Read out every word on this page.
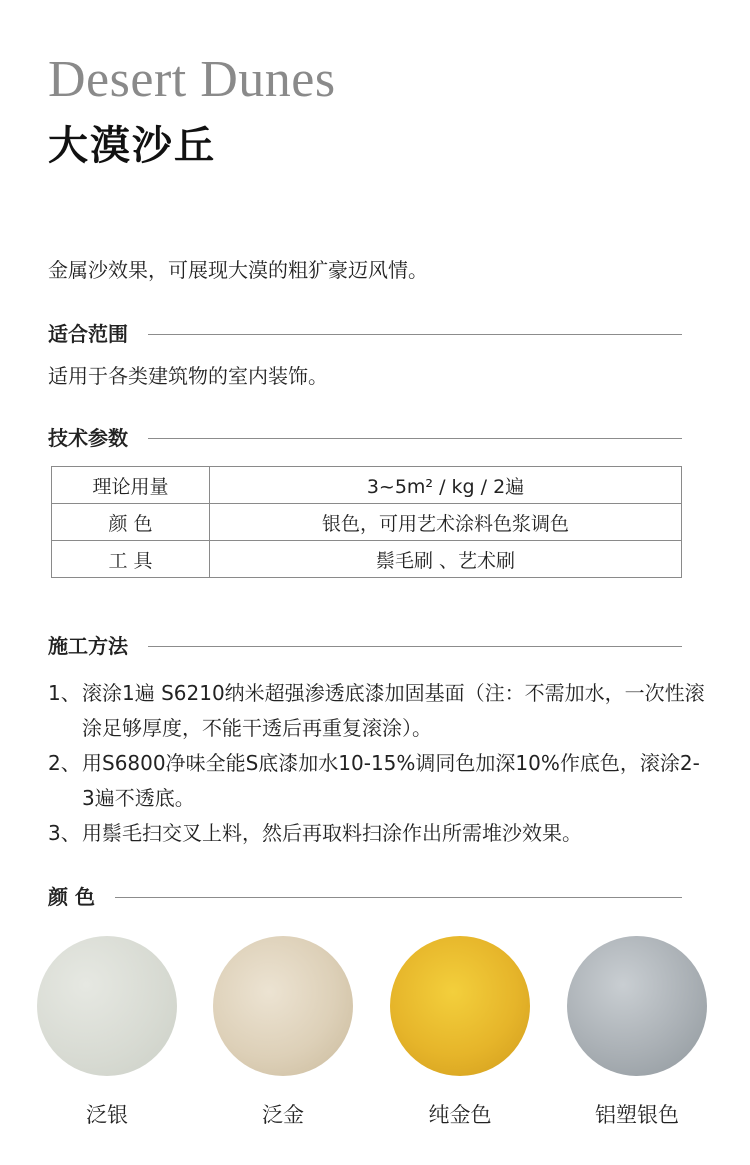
Desert Dunes
大漠沙丘
金属沙效果，可展现大漠的粗犷豪迈风情。
适合范围
适用于各类建筑物的室内装饰。
技术参数
理论用量	3~5m² / kg / 2遍
颜 色	银色，可用艺术涂料色浆调色
工 具	鬃毛刷 、艺术刷
施工方法
1、 滚涂1遍 S6210纳米超强渗透底漆加固基面（注：不需加水，一次性滚涂足够厚度，不能干透后再重复滚涂）。
2、 用S6800净味全能S底漆加水10-15%调同色加深10%作底色，滚涂2-3遍不透底。
3、 用鬃毛扫交叉上料，然后再取料扫涂作出所需堆沙效果。
颜 色
泛银	泛金	纯金色	铝塑银色
